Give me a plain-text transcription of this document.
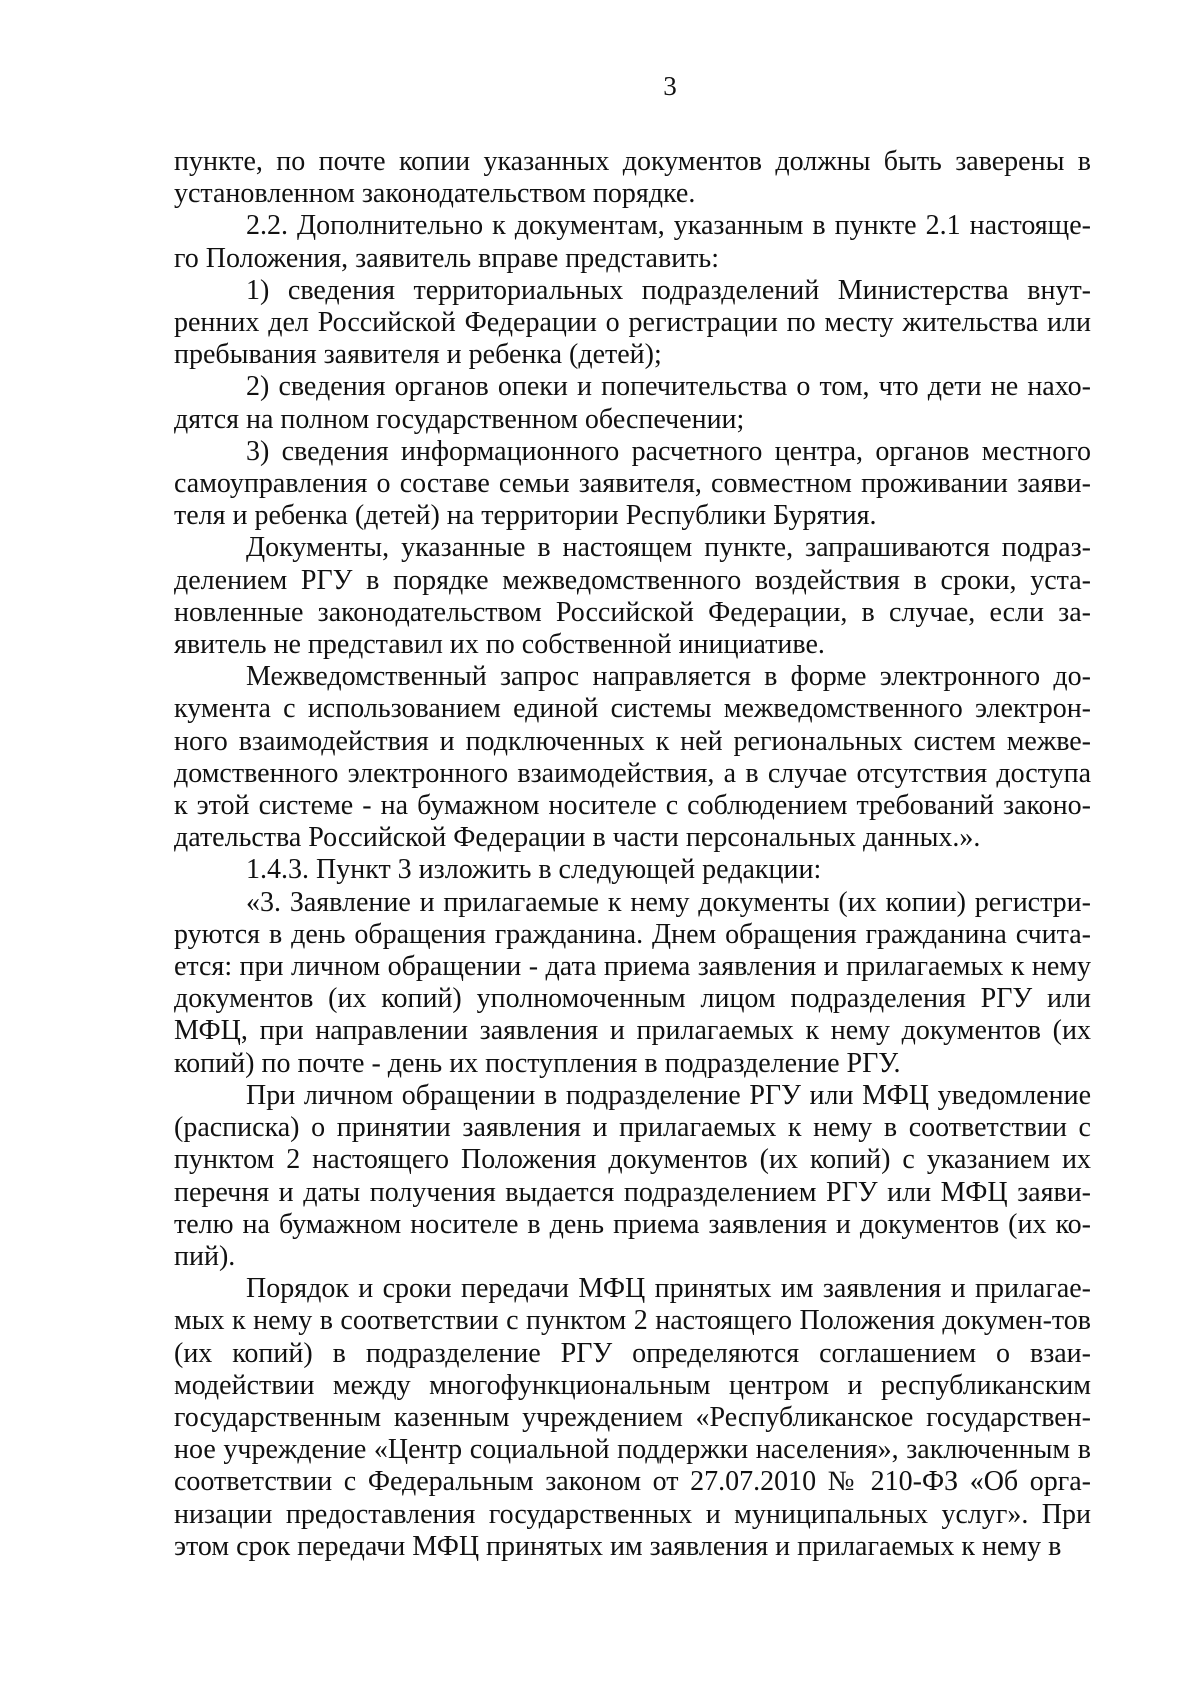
3

пункте, по почте копии указанных документов должны быть заверены в установленном законодательством порядке.

2.2. Дополнительно к документам, указанным в пункте 2.1 настояще-го Положения, заявитель вправе представить:

1) сведения территориальных подразделений Министерства внут-ренних дел Российской Федерации о регистрации по месту жительства или пребывания заявителя и ребенка (детей);

2) сведения органов опеки и попечительства о том, что дети не нахо-дятся на полном государственном обеспечении;

3) сведения информационного расчетного центра, органов местного самоуправления о составе семьи заявителя, совместном проживании заяви-теля и ребенка (детей) на территории Республики Бурятия.

Документы, указанные в настоящем пункте, запрашиваются подраз-делением РГУ в порядке межведомственного воздействия в сроки, уста-новленные законодательством Российской Федерации, в случае, если за-явитель не представил их по собственной инициативе.

Межведомственный запрос направляется в форме электронного до-кумента с использованием единой системы межведомственного электрон-ного взаимодействия и подключенных к ней региональных систем межве-домственного электронного взаимодействия, а в случае отсутствия доступа к этой системе - на бумажном носителе с соблюдением требований законо-дательства Российской Федерации в части персональных данных.».

1.4.3. Пункт 3 изложить в следующей редакции:

«3. Заявление и прилагаемые к нему документы (их копии) регистри-руются в день обращения гражданина. Днем обращения гражданина счита-ется: при личном обращении - дата приема заявления и прилагаемых к нему документов (их копий) уполномоченным лицом подразделения РГУ или МФЦ, при направлении заявления и прилагаемых к нему документов (их копий) по почте - день их поступления в подразделение РГУ.

При личном обращении в подразделение РГУ или МФЦ уведомление (расписка) о принятии заявления и прилагаемых к нему в соответствии с пунктом 2 настоящего Положения документов (их копий) с указанием их перечня и даты получения выдается подразделением РГУ или МФЦ заяви-телю на бумажном носителе в день приема заявления и документов (их ко-пий).

Порядок и сроки передачи МФЦ принятых им заявления и прилагае-мых к нему в соответствии с пунктом 2 настоящего Положения докумен-тов (их копий) в подразделение РГУ определяются соглашением о взаи-модействии между многофункциональным центром и республиканским государственным казенным учреждением «Республиканское государствен-ное учреждение «Центр социальной поддержки населения», заключенным в соответствии с Федеральным законом от 27.07.2010 № 210-ФЗ «Об орга-низации предоставления государственных и муниципальных услуг». При этом срок передачи МФЦ принятых им заявления и прилагаемых к нему в
